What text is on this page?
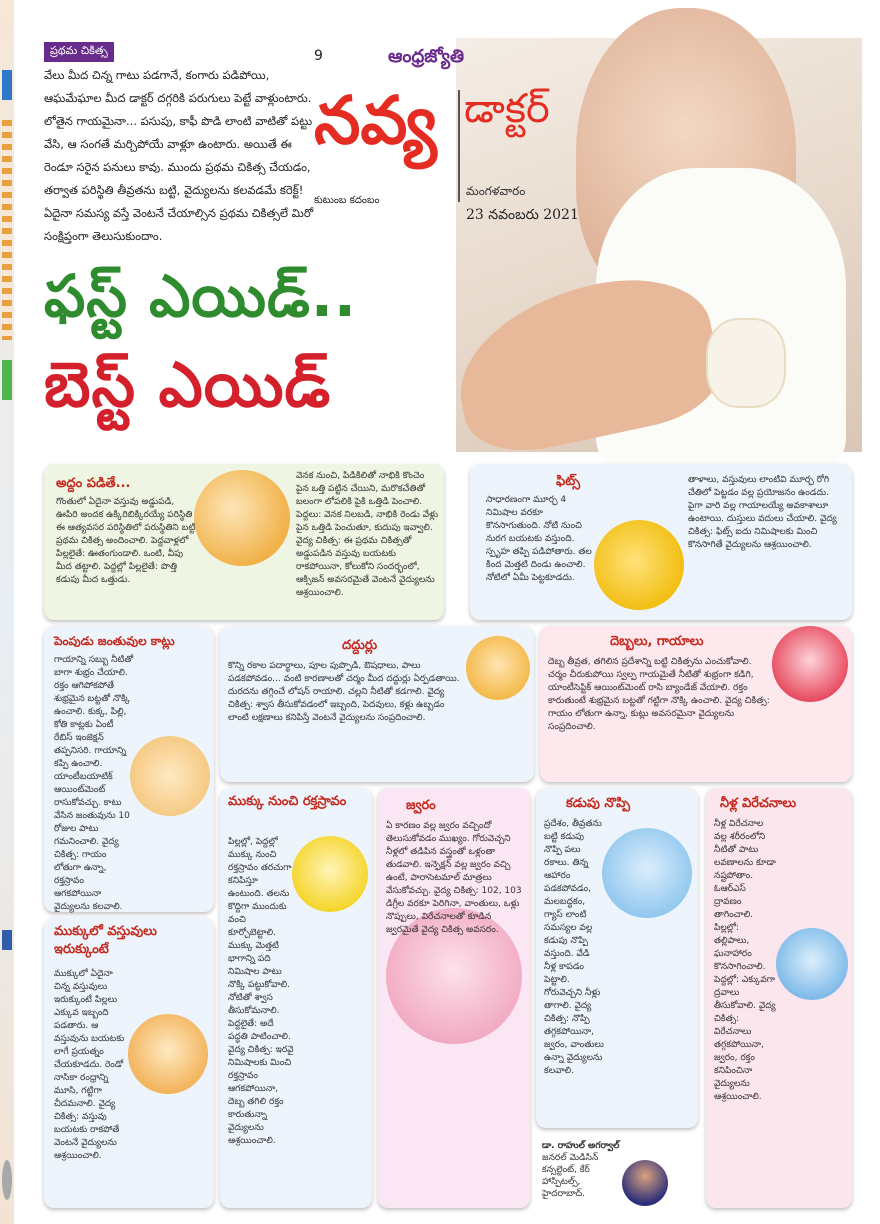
ప్రథమ చికిత్స
వేలు మీద చిన్న గాటు పడగానే, కంగారు పడిపోయి, ఆఘమేఘాల మీద డాక్టర్ దగ్గరికి పరుగులు పెట్టే వాళ్లుంటారు. లోతైన గాయమైనా... పసుపు, కాఫీ పొడి లాంటి వాటితో పట్టు వేసి, ఆ సంగతే మర్చిపోయే వాళ్లూ ఉంటారు. అయితే ఈ రెండూ సరైన పనులు కావు. ముందు ప్రథమ చికిత్స చేయడం, తర్వాత పరిస్థితి తీవ్రతను బట్టి, వైద్యులను కలవడమే కరెక్ట్! ఏదైనా సమస్య వస్తే వెంటనే చేయాల్సిన ప్రథమ చికిత్సలే మిరో సంక్షిప్తంగా తెలుసుకుందాం.
9	ఆంధ్రజ్యోతి
నవ్య
కుటుంబ కదంబం
డాక్టర్
మంగళవారం
23 నవంబరు 2021
ఫస్ట్ ఎయిడ్..
బెస్ట్ ఎయిడ్
అద్దం పడితే...
గొంతులో ఏదైనా వస్తువు అడ్డుపడి, ఊపిరి అందక ఉక్కిరిబిక్కిరయ్యే పరిస్థితి ఈ ఆత్యవసర పరిస్థితిలో పరుస్థితిని బట్టి ప్రథమ చికిత్స అందించాలి. పెద్దవాళ్లలో పిల్లలైతే: ఊతంగుండాలి. ఒంటి, వీపు మీద తట్టాలి. పెద్దల్లో పిల్లలైతే: పొత్తి కడుపు మీద ఒత్తుడు.
వెనక నుంచి, పిడికిలితో నాభికి కొంచెం పైన ఒత్తి పట్టిన చేయిని, మరొకచేతితో బలంగా లోపలికి పైకి ఒత్తిడి పెంచాలి. పెద్దలు: వెనక నిలబడి, నాభికి రెండు వేళ్లు పైన ఒత్తిడి పెంచుతూ, కుదుపు ఇవ్వాలి. వైద్య చికిత్స: ఈ ప్రథమ చికిత్సతో అడ్డుపడిన వస్తువు బయటకు రాకపోయినా, కోలుకోని సందర్భంలో, ఆక్సిజన్ అవసరమైతే వెంటనే వైద్యులను ఆశ్రయించాలి.
ఫిట్స్
సాధారణంగా మూర్ఛ 4 నిమిషాల వరకూ కొనసాగుతుంది. నోటి నుంచి నురగ బయటకు వస్తుంది. స్పృహ తప్పి పడిపోతారు. తల కింద మెత్తటి దిండు ఉంచాలి. నోటిలో ఏమీ పెట్టకూడదు.
తాళాలు, వస్తువులు లాంటివి మూర్ఛ రోగి చేతిలో పెట్టడం వల్ల ప్రయోజనం ఉండదు. పైగా వారి వల్ల గాయాలయ్యే అవకాశాలూ ఉంటాయి. దుస్తులు వదులు చేయాలి. వైద్య చికిత్స: ఫిట్స్ ఐదు నిమిషాలకు మించి కొనసాగితే వైద్యులను ఆశ్రయించాలి.
పెంపుడు జంతువుల కాట్లు
గాయాన్ని సబ్బు నీటితో బాగా శుభ్రం చేయాలి. రక్తం ఆగిపోకపోతే శుభ్రమైన బట్టతో నొక్కి ఉంచాలి. కుక్క, పిల్లి, కోతి కాట్లకు ఏంటీ రేబిస్ ఇంజెక్షన్ తప్పనిసరి. గాయాన్ని కప్పి ఉంచాలి. యాంటీబయాటిక్ ఆయింట్‌మెంట్ రాసుకోవచ్చు. కాటు వేసిన జంతువును 10 రోజుల పాటు గమనించాలి. వైద్య చికిత్స: గాయం లోతుగా ఉన్నా, రక్తస్రావం ఆగకపోయినా వైద్యులను కలవాలి.
దద్దుర్లు
కొన్ని రకాల పదార్థాలు, పూల పుప్పొడి, ఔషధాలు, పాలు పడకపోవడం... వంటి కారణాలతో చర్మం మీద దద్దుర్లు ఏర్పడతాయి. దురదను తగ్గించే లోషన్ రాయాలి. చల్లని నీటితో కడగాలి. వైద్య చికిత్స: శ్వాస తీసుకోవడంలో ఇబ్బంది, పెదవులు, కళ్లు ఉబ్బడం లాంటి లక్షణాలు కనిపిస్తే వెంటనే వైద్యులను సంప్రదించాలి.
దెబ్బలు, గాయాలు
దెబ్బ తీవ్రత, తగిలిన ప్రదేశాన్ని బట్టి చికిత్సను ఎంచుకోవాలి. చర్మం చీరుకుపోయి స్వల్ప గాయమైతే నీటితో శుభ్రంగా కడిగి, యాంటీసెప్టిక్ ఆయింట్‌మెంట్ రాసి బ్యాండేజ్ వేయాలి. రక్తం కారుతుంటే శుభ్రమైన బట్టతో గట్టిగా నొక్కి ఉంచాలి. వైద్య చికిత్స: గాయం లోతుగా ఉన్నా, కుట్లు అవసరమైనా వైద్యులను సంప్రదించాలి.
ముక్కు నుంచి రక్తస్రావం
పిల్లల్లో, పెద్దల్లో ముక్కు నుంచి రక్తస్రావం తరచుగా కనిపిస్తూ ఉంటుంది. తలను కొద్దిగా ముందుకు వంచి కూర్చోబెట్టాలి. ముక్కు మెత్తటి భాగాన్ని పది నిమిషాల పాటు నొక్కి పట్టుకోవాలి. నోటితో శ్వాస తీసుకోమనాలి. పెద్దలైతే: అదే పద్ధతి పాటించాలి. వైద్య చికిత్స: ఇరవై నిమిషాలకు మించి రక్తస్రావం ఆగకపోయినా, దెబ్బ తగిలి రక్తం కారుతున్నా వైద్యులను ఆశ్రయించాలి.
జ్వరం
ఏ కారణం వల్ల జ్వరం వచ్చిందో తెలుసుకోవడం ముఖ్యం. గోరువెచ్చని నీళ్లలో తడిపిన వస్త్రంతో ఒళ్లంతా తుడవాలి. ఇన్ఫెక్షన్ వల్ల జ్వరం వచ్చి ఉంటే, పారాసెటమాల్ మాత్రలు వేసుకోవచ్చు. వైద్య చికిత్స: 102, 103 డిగ్రీల వరకూ పెరిగినా, వాంతులు, ఒళ్లు నొప్పులు, విరేచనాలతో కూడిన జ్వరమైతే వైద్య చికిత్స అవసరం.
కడుపు నొప్పి
ప్రదేశం, తీవ్రతను బట్టి కడుపు నొప్పి పలు రకాలు. తిన్న ఆహారం పడకపోవడం, మలబద్ధకం, గ్యాస్ లాంటి సమస్యల వల్ల కడుపు నొప్పి వస్తుంది. వేడి నీళ్ల కాపడం పెట్టాలి. గోరువెచ్చని నీళ్లు తాగాలి. వైద్య చికిత్స: నొప్పి తగ్గకపోయినా, జ్వరం, వాంతులు ఉన్నా వైద్యులను కలవాలి.
నీళ్ల విరేచనాలు
నీళ్ల విరేచనాల వల్ల శరీరంలోని నీటితో పాటు లవణాలను కూడా నష్టపోతాం. ఓఆర్ఎస్ ద్రావణం తాగించాలి. పిల్లల్లో: తల్లిపాలు, ఘనాహారం కొనసాగించాలి. పెద్దల్లో: ఎక్కువగా ద్రవాలు తీసుకోవాలి. వైద్య చికిత్స: విరేచనాలు తగ్గకపోయినా, జ్వరం, రక్తం కనిపించినా వైద్యులను ఆశ్రయించాలి.
ముక్కులో వస్తువులు ఇరుక్కుంటే
ముక్కులో ఏదైనా చిన్న వస్తువులు ఇరుక్కుంటే పిల్లలు ఎక్కువ ఇబ్బంది పడతారు. ఆ వస్తువును బయటకు లాగే ప్రయత్నం చేయకూడదు. రెండో నాసికా రంధ్రాన్ని మూసి, గట్టిగా చీదమనాలి. వైద్య చికిత్స: వస్తువు బయటకు రాకపోతే వెంటనే వైద్యులను ఆశ్రయించాలి.
డా. రాహుల్ అగర్వాల్
జనరల్ మెడిసిన్ కన్సల్టెంట్, కేర్ హాస్పిటల్స్, హైదరాబాద్.
